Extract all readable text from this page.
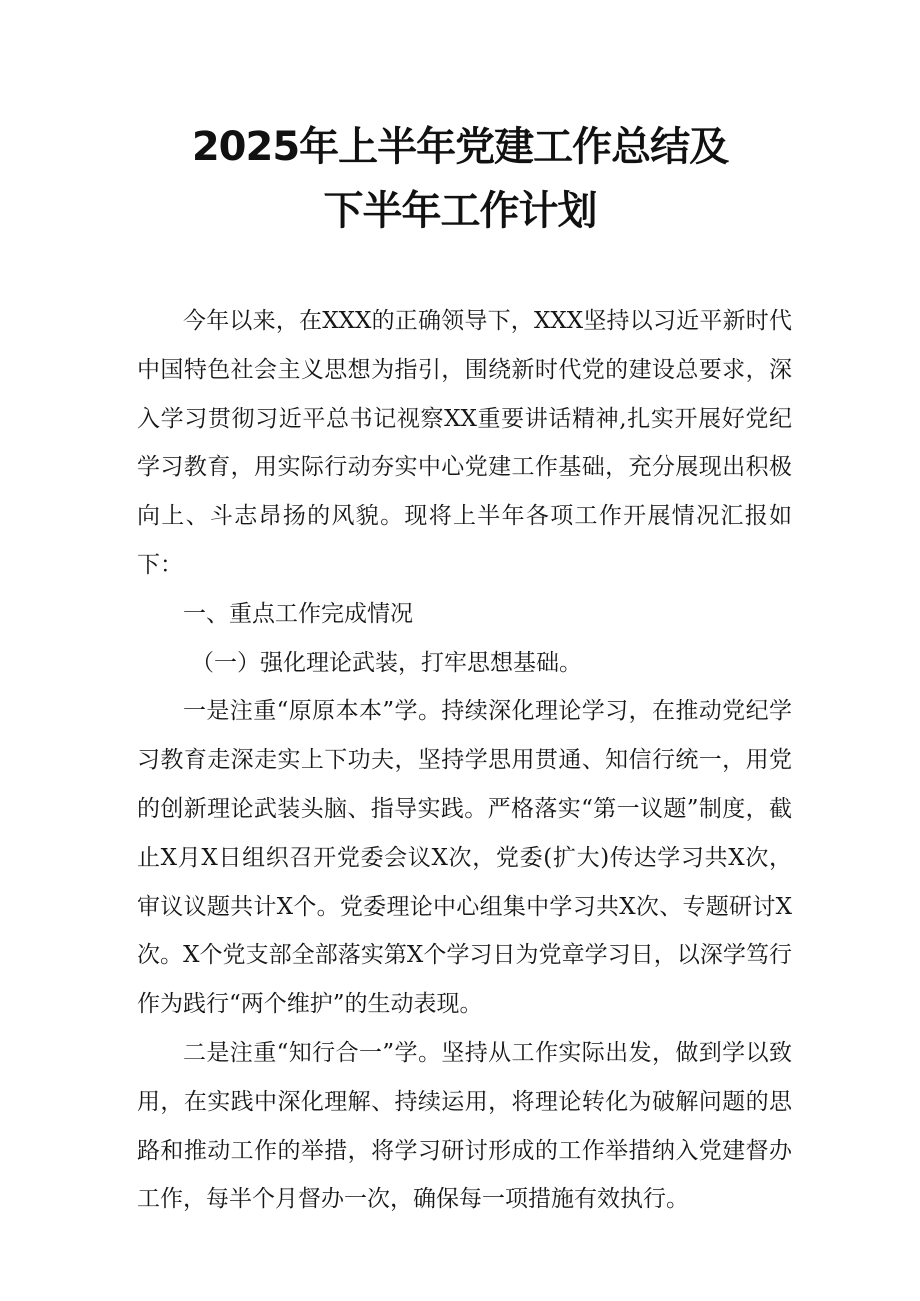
2025年上半年党建工作总结及
下半年工作计划

今年以来，在XXX的正确领导下，XXX坚持以习近平新时代中国特色社会主义思想为指引，围绕新时代党的建设总要求，深入学习贯彻习近平总书记视察XX重要讲话精神,扎实开展好党纪学习教育，用实际行动夯实中心党建工作基础，充分展现出积极向上、斗志昂扬的风貌。现将上半年各项工作开展情况汇报如下：

一、重点工作完成情况

（一）强化理论武装，打牢思想基础。

一是注重“原原本本”学。持续深化理论学习，在推动党纪学习教育走深走实上下功夫，坚持学思用贯通、知信行统一，用党的创新理论武装头脑、指导实践。严格落实“第一议题”制度，截止X月X日组织召开党委会议X次，党委(扩大)传达学习共X次，审议议题共计X个。党委理论中心组集中学习共X次、专题研讨X次。X个党支部全部落实第X个学习日为党章学习日，以深学笃行作为践行“两个维护”的生动表现。

二是注重“知行合一”学。坚持从工作实际出发，做到学以致用，在实践中深化理解、持续运用，将理论转化为破解问题的思路和推动工作的举措，将学习研讨形成的工作举措纳入党建督办工作，每半个月督办一次，确保每一项措施有效执行。
